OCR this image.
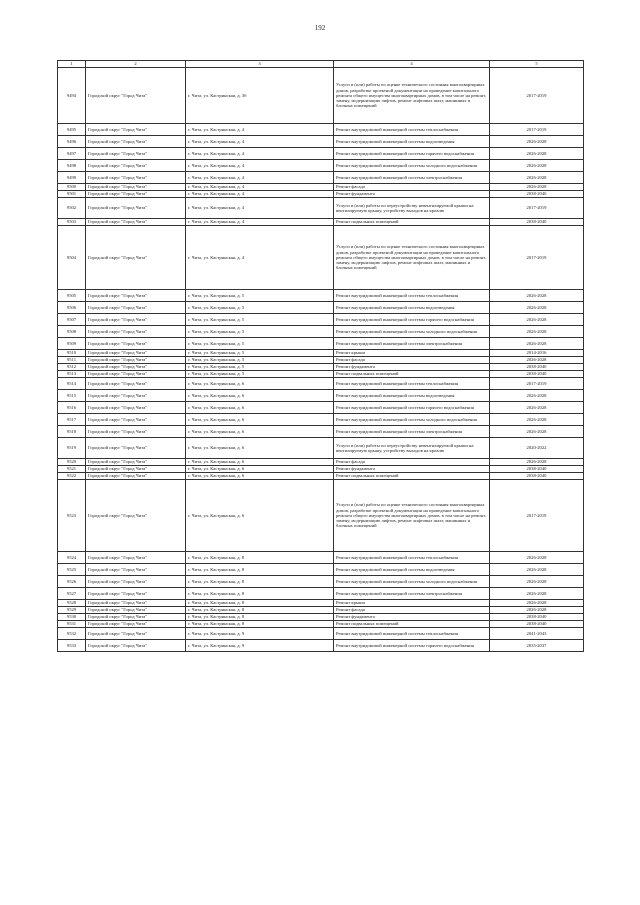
192
1	2	3	4	5
9494	Городской округ "Город Чита"	г. Чита, ул. Кастринская, д. 3б	Услуги и (или) работы по оценке технического состояния многоквартирных домов, разработке проектной документации на проведение капитального ремонта общего имущества многоквартирных домов, в том числе на ремонт, замену, модернизацию лифтов, ремонт лифтовых шахт, машинных и блочных помещений	2017-2019
9495	Городской округ "Город Чита"	г. Чита, ул. Кастринская, д. 4	Ремонт внутридомовой инженерной системы теплоснабжения	2017-2019
9496	Городской округ "Город Чита"	г. Чита, ул. Кастринская, д. 4	Ремонт внутридомовой инженерной системы водоотведения	2026-2028
9497	Городской округ "Город Чита"	г. Чита, ул. Кастринская, д. 4	Ремонт внутридомовой инженерной системы горячего водоснабжения	2026-2028
9498	Городской округ "Город Чита"	г. Чита, ул. Кастринская, д. 4	Ремонт внутридомовой инженерной системы холодного водоснабжения	2026-2028
9499	Городской округ "Город Чита"	г. Чита, ул. Кастринская, д. 4	Ремонт внутридомовой инженерной системы электроснабжения	2026-2028
9500	Городской округ "Город Чита"	г. Чита, ул. Кастринская, д. 4	Ремонт фасада	2026-2028
9501	Городской округ "Город Чита"	г. Чита, ул. Кастринская, д. 4	Ремонт фундамента	2038-2040
9502	Городской округ "Город Чита"	г. Чита, ул. Кастринская, д. 4	Услуги и (или) работы по переустройству невентилируемой крыши на вентилируемую крышу, устройству выходов на кровлю	2017-2019
9503	Городской округ "Город Чита"	г. Чита, ул. Кастринская, д. 4	Ремонт подвальных помещений	2038-2040
9504	Городской округ "Город Чита"	г. Чита, ул. Кастринская, д. 4	Услуги и (или) работы по оценке технического состояния многоквартирных домов, разработке проектной документации на проведение капитального ремонта общего имущества многоквартирных домов, в том числе на ремонт, замену, модернизацию лифтов, ремонт лифтовых шахт, машинных и блочных помещений	2017-2019
9505	Городской округ "Город Чита"	г. Чита, ул. Кастринская, д. 5	Ремонт внутридомовой инженерной системы теплоснабжения	2026-2028
9506	Городской округ "Город Чита"	г. Чита, ул. Кастринская, д. 5	Ремонт внутридомовой инженерной системы водоотведения	2026-2028
9507	Городской округ "Город Чита"	г. Чита, ул. Кастринская, д. 5	Ремонт внутридомовой инженерной системы горячего водоснабжения	2026-2028
9508	Городской округ "Город Чита"	г. Чита, ул. Кастринская, д. 5	Ремонт внутридомовой инженерной системы холодного водоснабжения	2026-2028
9509	Городской округ "Город Чита"	г. Чита, ул. Кастринская, д. 5	Ремонт внутридомовой инженерной системы электроснабжения	2026-2028
9510	Городской округ "Город Чита"	г. Чита, ул. Кастринская, д. 5	Ремонт крыши	2014-2016
9511	Городской округ "Город Чита"	г. Чита, ул. Кастринская, д. 5	Ремонт фасада	2026-2028
9512	Городской округ "Город Чита"	г. Чита, ул. Кастринская, д. 5	Ремонт фундамента	2038-2040
9513	Городской округ "Город Чита"	г. Чита, ул. Кастринская, д. 5	Ремонт подвальных помещений	2038-2040
9514	Городской округ "Город Чита"	г. Чита, ул. Кастринская, д. 6	Ремонт внутридомовой инженерной системы теплоснабжения	2017-2019
9515	Городской округ "Город Чита"	г. Чита, ул. Кастринская, д. 6	Ремонт внутридомовой инженерной системы водоотведения	2026-2028
9516	Городской округ "Город Чита"	г. Чита, ул. Кастринская, д. 6	Ремонт внутридомовой инженерной системы горячего водоснабжения	2026-2028
9517	Городской округ "Город Чита"	г. Чита, ул. Кастринская, д. 6	Ремонт внутридомовой инженерной системы холодного водоснабжения	2026-2028
9518	Городской округ "Город Чита"	г. Чита, ул. Кастринская, д. 6	Ремонт внутридомовой инженерной системы электроснабжения	2026-2028
9519	Городской округ "Город Чита"	г. Чита, ул. Кастринская, д. 6	Услуги и (или) работы по переустройству невентилируемой крыши на вентилируемую крышу, устройству выходов на кровлю	2020-2022
9520	Городской округ "Город Чита"	г. Чита, ул. Кастринская, д. 6	Ремонт фасада	2026-2028
9521	Городской округ "Город Чита"	г. Чита, ул. Кастринская, д. 6	Ремонт фундамента	2038-2040
9522	Городской округ "Город Чита"	г. Чита, ул. Кастринская, д. 6	Ремонт подвальных помещений	2038-2040
9523	Городской округ "Город Чита"	г. Чита, ул. Кастринская, д. 6	Услуги и (или) работы по оценке технического состояния многоквартирных домов, разработке проектной документации на проведение капитального ремонта общего имущества многоквартирных домов, в том числе на ремонт, замену, модернизацию лифтов, ремонт лифтовых шахт, машинных и блочных помещений	2017-2019
9524	Городской округ "Город Чита"	г. Чита, ул. Кастринская, д. 8	Ремонт внутридомовой инженерной системы теплоснабжения	2026-2028
9525	Городской округ "Город Чита"	г. Чита, ул. Кастринская, д. 8	Ремонт внутридомовой инженерной системы водоотведения	2026-2028
9526	Городской округ "Город Чита"	г. Чита, ул. Кастринская, д. 8	Ремонт внутридомовой инженерной системы холодного водоснабжения	2026-2028
9527	Городской округ "Город Чита"	г. Чита, ул. Кастринская, д. 8	Ремонт внутридомовой инженерной системы электроснабжения	2026-2028
9528	Городской округ "Город Чита"	г. Чита, ул. Кастринская, д. 8	Ремонт крыши	2026-2028
9529	Городской округ "Город Чита"	г. Чита, ул. Кастринская, д. 8	Ремонт фасада	2026-2028
9530	Городской округ "Город Чита"	г. Чита, ул. Кастринская, д. 8	Ремонт фундамента	2038-2040
9531	Городской округ "Город Чита"	г. Чита, ул. Кастринская, д. 8	Ремонт подвальных помещений	2038-2040
9532	Городской округ "Город Чита"	г. Чита, ул. Кастринская, д. 9	Ремонт внутридомовой инженерной системы теплоснабжения	2041-2043
9533	Городской округ "Город Чита"	г. Чита, ул. Кастринская, д. 9	Ремонт внутридомовой инженерной системы горячего водоснабжения	2035-2037
